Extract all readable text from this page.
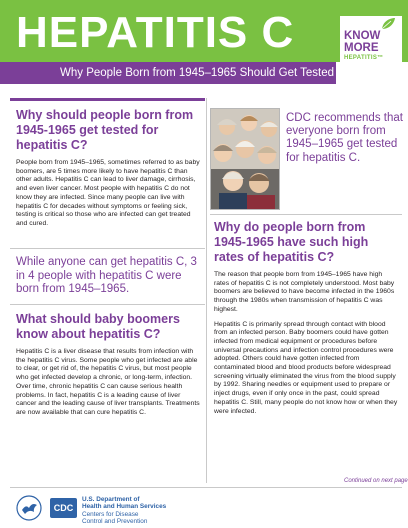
HEPATITIS C
Why People Born from 1945–1965 Should Get Tested
KNOW
MORE
HEPATITIS™
Why should people born from 1945-1965 get tested for hepatitis C?
People born from 1945–1965, sometimes referred to as baby boomers, are 5 times more likely to have hepatitis C than other adults. Hepatitis C can lead to liver damage, cirrhosis, and even liver cancer. Most people with hepatitis C do not know they are infected. Since many people can live with hepatitis C for decades without symptoms or feeling sick, testing is critical so those who are infected can get treated and cured.
While anyone can get hepatitis C, 3 in 4 people with hepatitis C were born from 1945–1965.
What should baby boomers know about hepatitis C?
Hepatitis C is a liver disease that results from infection with the hepatitis C virus. Some people who get infected are able to clear, or get rid of, the hepatitis C virus, but most people who get infected develop a chronic, or long-term, infection. Over time, chronic hepatitis C can cause serious health problems. In fact, hepatitis C is a leading cause of liver cancer and the leading cause of liver transplants. Treatments are now available that can cure hepatitis C.
CDC recommends that everyone born from 1945–1965 get tested for hepatitis C.
Why do people born from 1945-1965 have such high rates of hepatitis C?
The reason that people born from 1945–1965 have high rates of hepatitis C is not completely understood. Most baby boomers are believed to have become infected in the 1960s through the 1980s when transmission of hepatitis C was highest.
Hepatitis C is primarily spread through contact with blood from an infected person. Baby boomers could have gotten infected from medical equipment or procedures before universal precautions and infection control procedures were adopted. Others could have gotten infected from contaminated blood and blood products before widespread screening virtually eliminated the virus from the blood supply by 1992. Sharing needles or equipment used to prepare or inject drugs, even if only once in the past, could spread hepatitis C. Still, many people do not know how or when they were infected.
Continued on next page
CDC
U.S. Department of
Health and Human Services
Centers for Disease
Control and Prevention
